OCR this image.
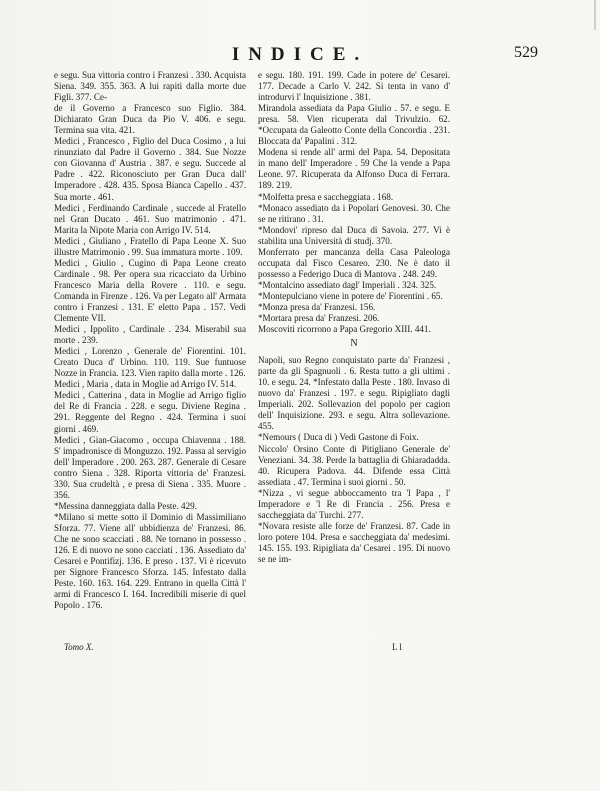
INDICE.	529

e segu. Sua vittoria contro i Franzesi . 330. Acquista Siena. 349. 355. 363. A lui rapiti dalla morte due Figli. 377. Ce-

de il Governo a Francesco suo Figlio. 384. Dichiarato Gran Duca da Pio V. 406. e segu. Termina sua vita. 421.

Medici , Francesco , Figlio del Duca Cosimo , a lui rinunziato dal Padre il Governo . 384. Sue Nozze con Giovanna d' Austria . 387. e segu. Succede al Padre . 422. Riconosciuto per Gran Duca dall' Imperadore . 428. 435. Sposa Bianca Capello . 437. Sua morte . 461.

Medici , Ferdinando Cardinale , succede al Fratello nel Gran Ducato . 461. Suo matrimonio . 471. Marita la Nipote Maria con Arrigo IV. 514.

Medici , Giuliano , Fratello di Papa Leone X. Suo illustre Matrimonio . 99. Sua immatura morte . 109.

Medici , Giulio , Cugino di Papa Leone creato Cardinale . 98. Per opera sua ricacciato da Urbino Francesco Maria della Rovere . 110. e segu. Comanda in Firenze . 126. Va per Legato all' Armata contro i Franzesi . 131. E' eletto Papa . 157. Vedi Clemente VII.

Medici , Ippolito , Cardinale . 234. Miserabil sua morte . 239.

Medici , Lorenzo , Generale de' Fiorentini. 101. Creato Duca d' Urbino. 110. 119. Sue funtuose Nozze in Francia. 123. Vien rapito dalla morte . 126.

Medici , Maria , data in Moglie ad Arrigo IV. 514.

Medici , Catterina , data in Moglie ad Arrigo figlio del Re di Francia . 228. e segu. Diviene Regina . 291. Reggente del Regno . 424. Termina i suoi giorni . 469.

Medici , Gian-Giacomo , occupa Chiavenna . 188. S' impadronisce di Monguzzo. 192. Passa al servigio dell' Imperadore . 200. 263. 287. Generale di Cesare contro Siena . 328. Riporta vittoria de' Franzesi. 330. Sua crudeltà , e presa di Siena . 335. Muore . 356.

*Messina danneggiata dalla Peste. 429.

*Milano si mette sotto il Dominio di Massimiliano Sforza. 77. Viene all' ubbidienza de' Franzesi. 86. Che ne sono scacciati . 88. Ne tornano in possesso . 126. E di nuovo ne sono cacciati . 136. Assediato da' Cesarei e Pontifizj. 136. E preso . 137. Vi è ricevuto per Signore Francesco Sforza. 145. Infestato dalla Peste. 160. 163. 164. 229. Entrano in quella Città l' armi di Francesco I. 164. Incredibili miserie di quel Popolo . 176.

e segu. 180. 191. 199. Cade in potere de' Cesarei. 177. Decade a Carlo V. 242. Si tenta in vano d' introdurvi l' Inquisizione . 381.

Mirandola assediata da Papa Giulio . 57. e segu. E presa. 58. Vien ricuperata dal Trivulzio. 62. *Occupata da Galeotto Conte della Concordia . 231. Bloccata da' Papalini . 312.

Modena si rende all' armi del Papa. 54. Depositata in mano dell' Imperadore . 59 Che la vende a Papa Leone. 97. Ricuperata da Alfonso Duca di Ferrara. 189. 219.

*Molfetta presa e saccheggiata . 168.

*Monaco assediato da i Popolari Genovesi. 30. Che se ne ritirano . 31.

*Mondovi' ripreso dal Duca di Savoia. 277. Vi è stabilita una Università di studj. 370.

Monferrato per mancanza della Casa Paleologa occupata dal Fisco Cesareo. 230. Ne è dato il possesso a Federigo Duca di Mantova . 248. 249.

*Montalcino assediato dagl' Imperiali . 324. 325.

*Montepulciano viene in potere de' Fiorentini . 65.

*Monza presa da' Franzesi. 156.

*Mortara presa da' Franzesi. 206.

Moscoviti ricorrono a Papa Gregorio XIII. 441.

N

Napoli, suo Regno conquistato parte da' Franzesi , parte da gli Spagnuoli . 6. Resta tutto a gli ultimi . 10. e segu. 24. *Infestato dalla Peste . 180. Invaso di nuovo da' Franzesi . 197. e segu. Ripigliato dagli Imperiali. 202. Sollevazion del popolo per cagion dell' Inquisizione. 293. e segu. Altra sollevazione. 455.

*Nemours ( Duca di ) Vedi Gastone di Foix.

Niccolo' Orsino Conte di Pitigliano Generale de' Veneziani. 34. 38. Perde la battaglia di Ghiaradadda. 40. Ricupera Padova. 44. Difende essa Città assediata . 47. Termina i suoi giorni . 50.

*Nizza , vi segue abboccamento tra 'l Papa , l' Imperadore e 'l Re di Francia . 256. Presa e saccheggiata da' Turchi. 277.

*Novara resiste alle forze de' Franzesi. 87. Cade in loro potere 104. Presa e saccheggiata da' medesimi. 145. 155. 193. Ripigliata da' Cesarei . 195. Di nuovo se ne im-

Tomo X.	L l
